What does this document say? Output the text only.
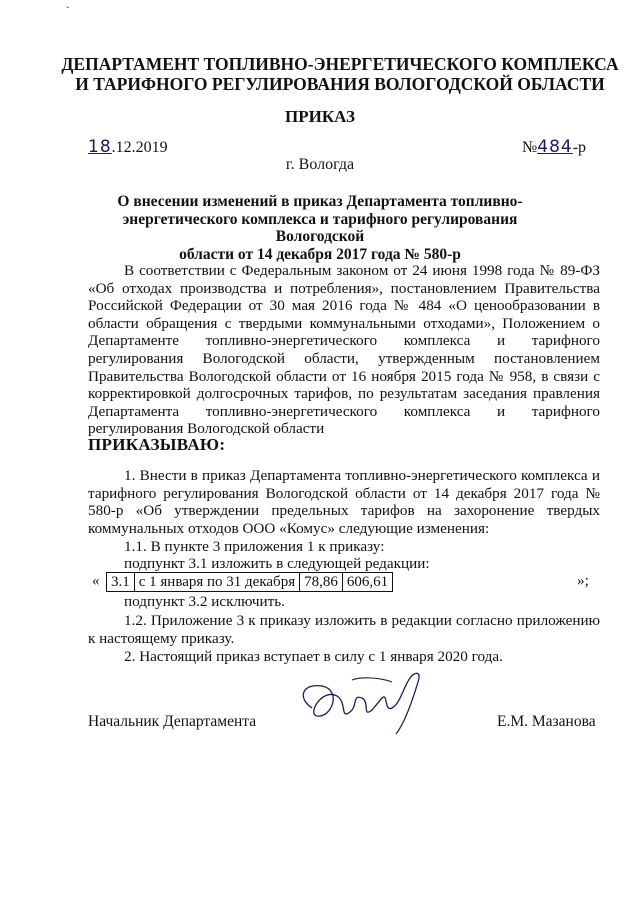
ˇ
ДЕПАРТАМЕНТ ТОПЛИВНО-ЭНЕРГЕТИЧЕСКОГО КОМПЛЕКСА
И ТАРИФНОГО РЕГУЛИРОВАНИЯ ВОЛОГОДСКОЙ ОБЛАСТИ
ПРИКАЗ
18.12.2019	№484-р
г. Вологда
О внесении изменений в приказ Департамента топливно-
энергетического комплекса и тарифного регулирования Вологодской
области от 14 декабря 2017 года № 580-р

В соответствии с Федеральным законом от 24 июня 1998 года № 89-ФЗ «Об отходах производства и потребления», постановлением Правительства Российской Федерации от 30 мая 2016 года № 484 «О ценообразовании в области обращения с твердыми коммунальными отходами», Положением о Департаменте топливно-энергетического комплекса и тарифного регулирования Вологодской области, утвержденным постановлением Правительства Вологодской области от 16 ноября 2015 года № 958, в связи с корректировкой долгосрочных тарифов, по результатам заседания правления Департамента топливно-энергетического комплекса и тарифного регулирования Вологодской области

ПРИКАЗЫВАЮ:

1. Внести в приказ Департамента топливно-энергетического комплекса и тарифного регулирования Вологодской области от 14 декабря 2017 года № 580-р «Об утверждении предельных тарифов на захоронение твердых коммунальных отходов ООО «Комус» следующие изменения:

1.1. В пункте 3 приложения 1 к приказу:
подпункт 3.1 изложить в следующей редакции:
« 3.1	с 1 января по 31 декабря	78,86	606,61	»;
подпункт 3.2 исключить.

1.2. Приложение 3 к приказу изложить в редакции согласно приложению к настоящему приказу.

2. Настоящий приказ вступает в силу с 1 января 2020 года.
Начальник Департамента	Е.М. Мазанова
